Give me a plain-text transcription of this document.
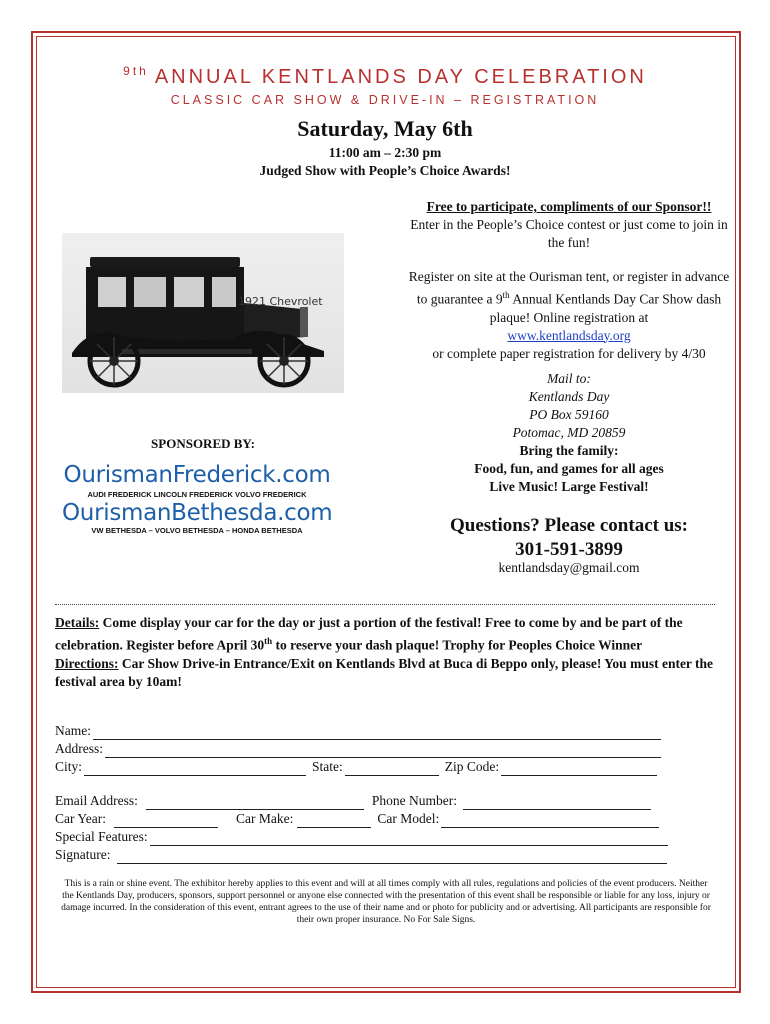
$^{9th}$ ANNUAL KENTLANDS DAY CELEBRATION
CLASSIC CAR SHOW & DRIVE-IN – REGISTRATION
Saturday, May 6th
11:00 am – 2:30 pm
Judged Show with People’s Choice Awards!
1921 Chevrolet

Free to participate, compliments of our Sponsor!!

Enter in the People’s Choice contest or just come to join in the fun!

Register on site at the Ourisman tent, or register in advance to guarantee a 9th Annual Kentlands Day Car Show dash plaque! Online registration at

www.kentlandsday.org

or complete paper registration for delivery by 4/30

Mail to:
Kentlands Day
PO Box 59160
Potomac, MD 20859
Bring the family:
Food, fun, and games for all ages
Live Music! Large Festival!
SPONSORED BY:
OurismanFrederick.com
AUDI FREDERICK LINCOLN FREDERICK VOLVO FREDERICK
OurismanBethesda.com
VW BETHESDA – VOLVO BETHESDA – HONDA BETHESDA	Questions? Please contact us:
301-591-3899
kentlandsday@gmail.com
Details: Come display your car for the day or just a portion of the festival! Free to come by and be part of the celebration. Register before April 30th to reserve your dash plaque! Trophy for Peoples Choice Winner
Directions: Car Show Drive-in Entrance/Exit on Kentlands Blvd at Buca di Beppo only, please! You must enter the festival area by 10am!
Name:
Address:
City:	State:	Zip Code:
Email Address:	Phone Number:
Car Year:	Car Make:	Car Model:
Special Features:
Signature:
This is a rain or shine event. The exhibitor hereby applies to this event and will at all times comply with all rules, regulations and policies of the event producers. Neither the Kentlands Day, producers, sponsors, support personnel or anyone else connected with the presentation of this event shall be responsible or liable for any loss, injury or damage incurred. In the consideration of this event, entrant agrees to the use of their name and or photo for publicity and or advertising. All participants are responsible for their own proper insurance. No For Sale Signs.
